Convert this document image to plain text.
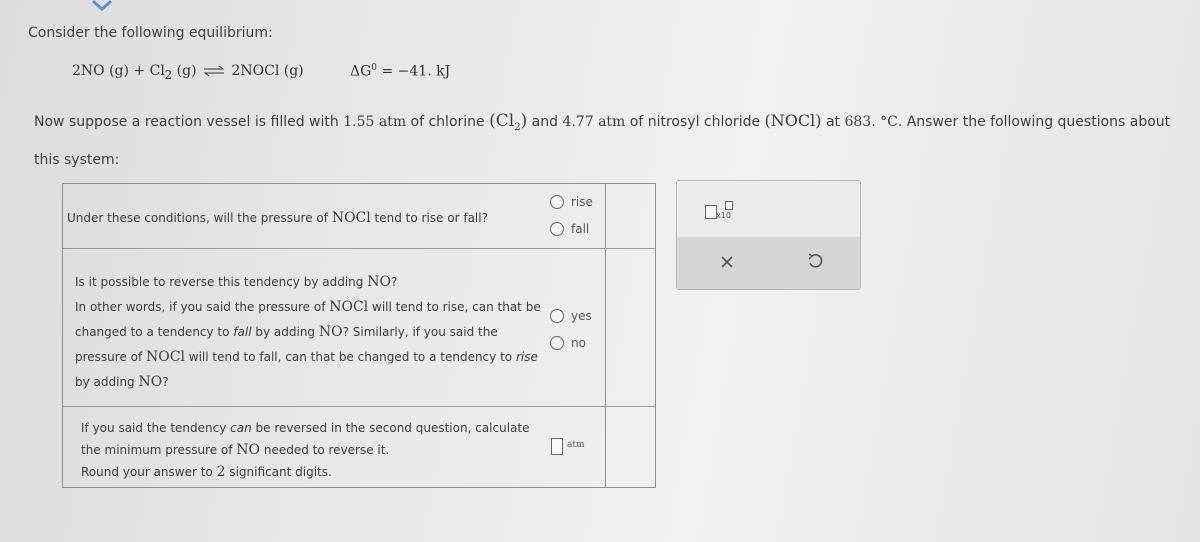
Consider the following equilibrium:
2NO $(g) + Cl_2$ (g) ⇌ 2NOCl (g)	$\Delta G^0 = -41$. kJ
Now suppose a reaction vessel is filled with 1.55 atm of chlorine $(Cl_2)$ and 4.77 atm of nitrosyl chloride (NOCl) at 683. °C. Answer the following questions about this system:
Under these conditions, will the pressure of NOCl tend to rise or fall?
rise
fall
Is it possible to reverse this tendency by adding NO?
In other words, if you said the pressure of NOCl will tend to rise, can that be changed to a tendency to fall by adding NO? Similarly, if you said the pressure of NOCl will tend to fall, can that be changed to a tendency to rise by adding NO?
yes
no
If you said the tendency can be reversed in the second question, calculate the minimum pressure of NO needed to reverse it.
Round your answer to 2 significant digits.
atm
x10
